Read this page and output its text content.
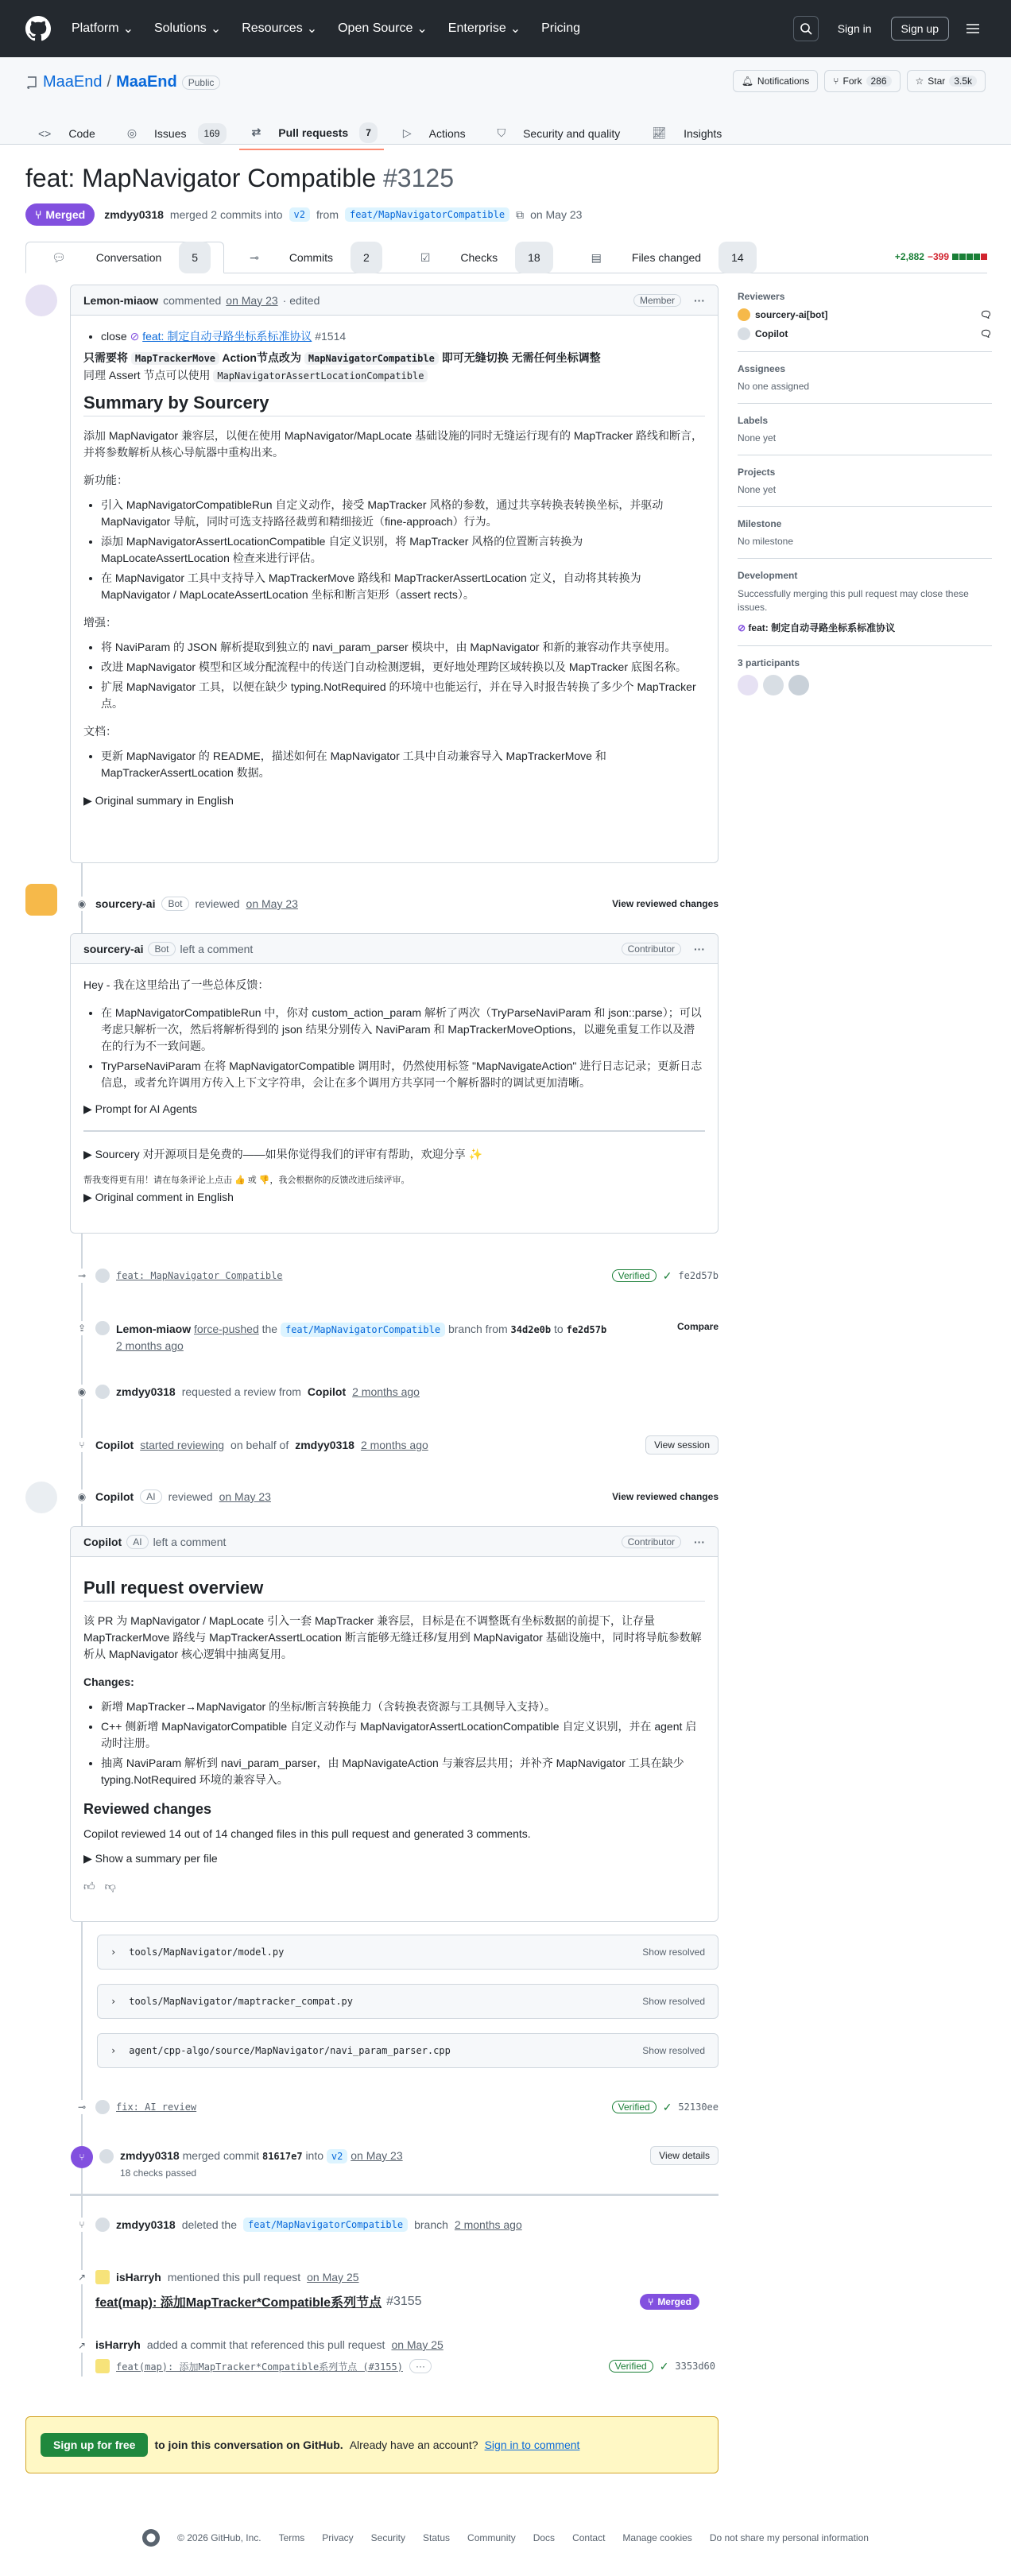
Platform ⌄ Solutions ⌄ Resources ⌄ Open Source ⌄ Enterprise ⌄ Pricing	Sign in	Sign up
MaaEnd / MaaEnd	Public	🔔︎ Notifications	⑂ Fork 286	☆ Star 3.5k
<>	Code	◎	Issues	169	⇄	Pull requests	7	▷	Actions	⛉	Security and quality	📈︎	Insights
feat: MapNavigator Compatible #3125
⑂ Merged zmdyy0318 merged 2 commits into	v2	from	feat/MapNavigatorCompatible	⧉ on May 23
💬︎	Conversation	5	⊸	Commits	2	☑	Checks	18	▤	Files changed	14	+2,882 −399
Lemon-miaow commented on May 23 · edited	Member	···
• close ⊘ feat: 制定自动寻路坐标系标准协议 #1514

只需要将 MapTrackerMove Action节点改为 MapNavigatorCompatible 即可无缝切换 无需任何坐标调整

同理 Assert 节点可以使用 MapNavigatorAssertLocationCompatible

Summary by Sourcery

添加 MapNavigator 兼容层，以便在使用 MapNavigator/MapLocate 基础设施的同时无缝运行现有的 MapTracker 路线和断言，并将参数解析从核心导航器中重构出来。

新功能：

• 引入 MapNavigatorCompatibleRun 自定义动作，接受 MapTracker 风格的参数，通过共享转换表转换坐标，并驱动 MapNavigator 导航，同时可选支持路径裁剪和精细接近（fine-approach）行为。
• 添加 MapNavigatorAssertLocationCompatible 自定义识别，将 MapTracker 风格的位置断言转换为 MapLocateAssertLocation 检查来进行评估。
• 在 MapNavigator 工具中支持导入 MapTrackerMove 路线和 MapTrackerAssertLocation 定义，自动将其转换为 MapNavigator / MapLocateAssertLocation 坐标和断言矩形（assert rects）。

增强：

• 将 NaviParam 的 JSON 解析提取到独立的 navi_param_parser 模块中，由 MapNavigator 和新的兼容动作共享使用。
• 改进 MapNavigator 模型和区域分配流程中的传送门自动检测逻辑，更好地处理跨区域转换以及 MapTracker 底图名称。
• 扩展 MapNavigator 工具，以便在缺少 typing.NotRequired 的环境中也能运行，并在导入时报告转换了多少个 MapTracker 点。

文档：

• 更新 MapNavigator 的 README，描述如何在 MapNavigator 工具中自动兼容导入 MapTrackerMove 和 MapTrackerAssertLocation 数据。

▶ Original summary in English

◉ sourcery-ai	Bot	reviewed on May 23	View reviewed changes
sourcery-ai	Bot	left a comment	Contributor	···

Hey - 我在这里给出了一些总体反馈：

• 在 MapNavigatorCompatibleRun 中，你对 custom_action_param 解析了两次（TryParseNaviParam 和 json::parse）；可以考虑只解析一次，然后将解析得到的 json 结果分别传入 NaviParam 和 MapTrackerMoveOptions，以避免重复工作以及潜在的行为不一致问题。
• TryParseNaviParam 在将 MapNavigatorCompatible 调用时，仍然使用标签 "MapNavigateAction" 进行日志记录；更新日志信息，或者允许调用方传入上下文字符串，会让在多个调用方共享同一个解析器时的调试更加清晰。

▶ Prompt for AI Agents

▶ Sourcery 对开源项目是免费的——如果你觉得我们的评审有帮助，欢迎分享 ✨

帮我变得更有用！请在每条评论上点击 👍 或 👎，我会根据你的反馈改进后续评审。

▶ Original comment in English

⊸	feat: MapNavigator Compatible	Verified	✓ fe2d57b
⇪	Lemon-miaow force-pushed the feat/MapNavigatorCompatible branch from 34d2e0b to fe2d57b
2 months ago
Compare
◉	zmdyy0318 requested a review from Copilot 2 months ago
⑂ Copilot started reviewing on behalf of zmdyy0318 2 months ago	View session
◉ Copilot	AI	reviewed on May 23	View reviewed changes
Copilot	AI	left a comment	Contributor	···
Pull request overview

该 PR 为 MapNavigator / MapLocate 引入一套 MapTracker 兼容层，目标是在不调整既有坐标数据的前提下，让存量 MapTrackerMove 路线与 MapTrackerAssertLocation 断言能够无缝迁移/复用到 MapNavigator 基础设施中，同时将导航参数解析从 MapNavigator 核心逻辑中抽离复用。

Changes:

• 新增 MapTracker→MapNavigator 的坐标/断言转换能力（含转换表资源与工具侧导入支持）。
• C++ 侧新增 MapNavigatorCompatible 自定义动作与 MapNavigatorAssertLocationCompatible 自定义识别，并在 agent 启动时注册。
• 抽离 NaviParam 解析到 navi_param_parser，由 MapNavigateAction 与兼容层共用；并补齐 MapNavigator 工具在缺少 typing.NotRequired 环境的兼容导入。
Reviewed changes

Copilot reviewed 14 out of 14 changed files in this pull request and generated 3 comments.

▶ Show a summary per file

👍︎ 👎︎
› tools/MapNavigator/model.py	Show resolved
› tools/MapNavigator/maptracker_compat.py	Show resolved
› agent/cpp-algo/source/MapNavigator/navi_param_parser.cpp	Show resolved
⊸	fix: AI review	Verified	✓ 52130ee
⑂	zmdyy0318 merged commit 81617e7 into v2 on May 23
18 checks passed
View details
⑂	zmdyy0318 deleted the	feat/MapNavigatorCompatible	branch 2 months ago
↗	isHarryh mentioned this pull request on May 25
feat(map): 添加MapTracker*Compatible系列节点 #3155	⑂ Merged
↗ isHarryh added a commit that referenced this pull request on May 25
feat(map): 添加MapTracker*Compatible系列节点 (#3155)	···	Verified	✓ 3353d60
Sign up for free	to join this conversation on GitHub. Already have an account? Sign in to comment
Reviewers
sourcery-ai[bot]	🗨︎
Copilot	🗨︎
Assignees

No one assigned

Labels

None yet

Projects

None yet

Milestone

No milestone

Development

Successfully merging this pull request may close these issues.

⊘ feat: 制定自动寻路坐标系标准协议

3 participants
© 2026 GitHub, Inc. Terms Privacy Security Status Community Docs Contact Manage cookies Do not share my personal information
